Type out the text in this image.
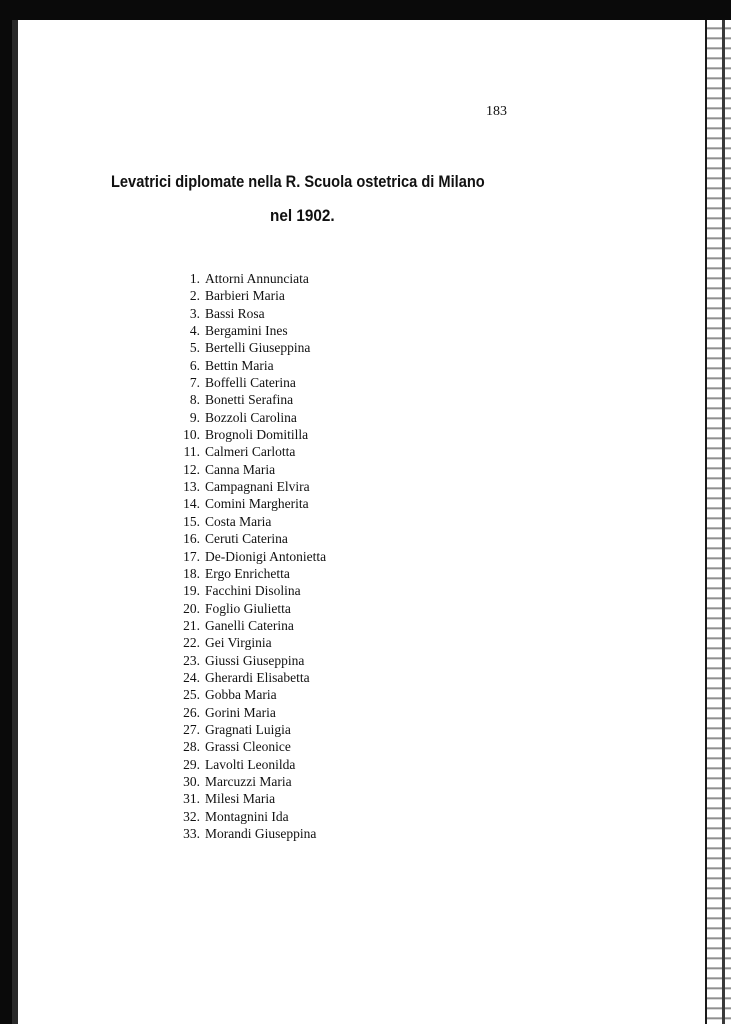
183
Levatrici diplomate nella R. Scuola ostetrica di Milano
nel 1902.
1. Attorni Annunciata
2. Barbieri Maria
3. Bassi Rosa
4. Bergamini Ines
5. Bertelli Giuseppina
6. Bettin Maria
7. Boffelli Caterina
8. Bonetti Serafina
9. Bozzoli Carolina
10. Brognoli Domitilla
11. Calmeri Carlotta
12. Canna Maria
13. Campagnani Elvira
14. Comini Margherita
15. Costa Maria
16. Ceruti Caterina
17. De-Dionigi Antonietta
18. Ergo Enrichetta
19. Facchini Disolina
20. Foglio Giulietta
21. Ganelli Caterina
22. Gei Virginia
23. Giussi Giuseppina
24. Gherardi Elisabetta
25. Gobba Maria
26. Gorini Maria
27. Gragnati Luigia
28. Grassi Cleonice
29. Lavolti Leonilda
30. Marcuzzi Maria
31. Milesi Maria
32. Montagnini Ida
33. Morandi Giuseppina
